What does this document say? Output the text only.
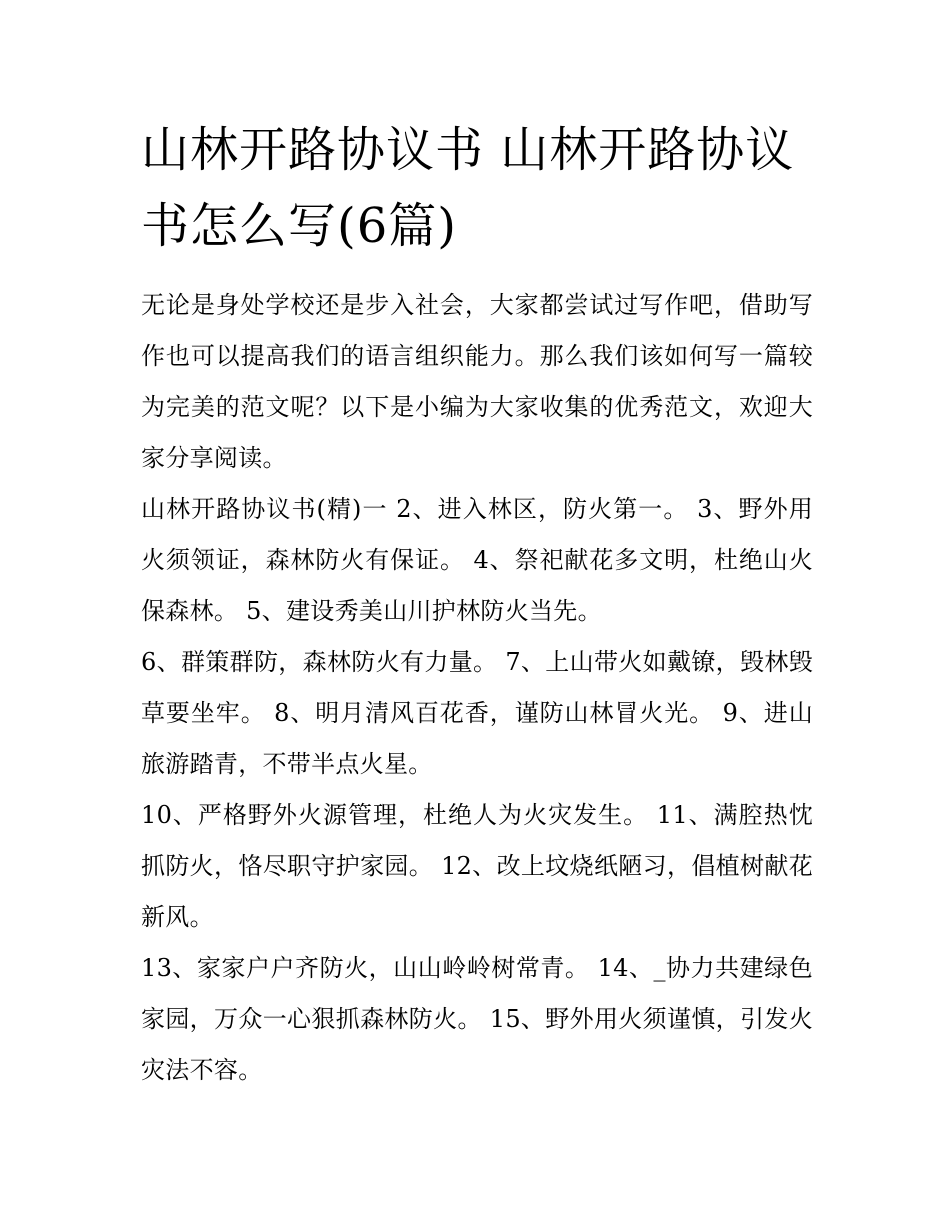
山林开路协议书 山林开路协议书怎么写(6篇)

无论是身处学校还是步入社会，大家都尝试过写作吧，借助写作也可以提高我们的语言组织能力。那么我们该如何写一篇较为完美的范文呢？以下是小编为大家收集的优秀范文，欢迎大家分享阅读。

山林开路协议书(精)一 2、进入林区，防火第一。 3、野外用火须领证，森林防火有保证。 4、祭祀献花多文明，杜绝山火保森林。 5、建设秀美山川护林防火当先。

6、群策群防，森林防火有力量。 7、上山带火如戴镣，毁林毁草要坐牢。 8、明月清风百花香，谨防山林冒火光。 9、进山旅游踏青，不带半点火星。

10、严格野外火源管理，杜绝人为火灾发生。 11、满腔热忱抓防火，恪尽职守护家园。 12、改上坟烧纸陋习，倡植树献花新风。

13、家家户户齐防火，山山岭岭树常青。 14、_协力共建绿色家园，万众一心狠抓森林防火。 15、野外用火须谨慎，引发火灾法不容。
